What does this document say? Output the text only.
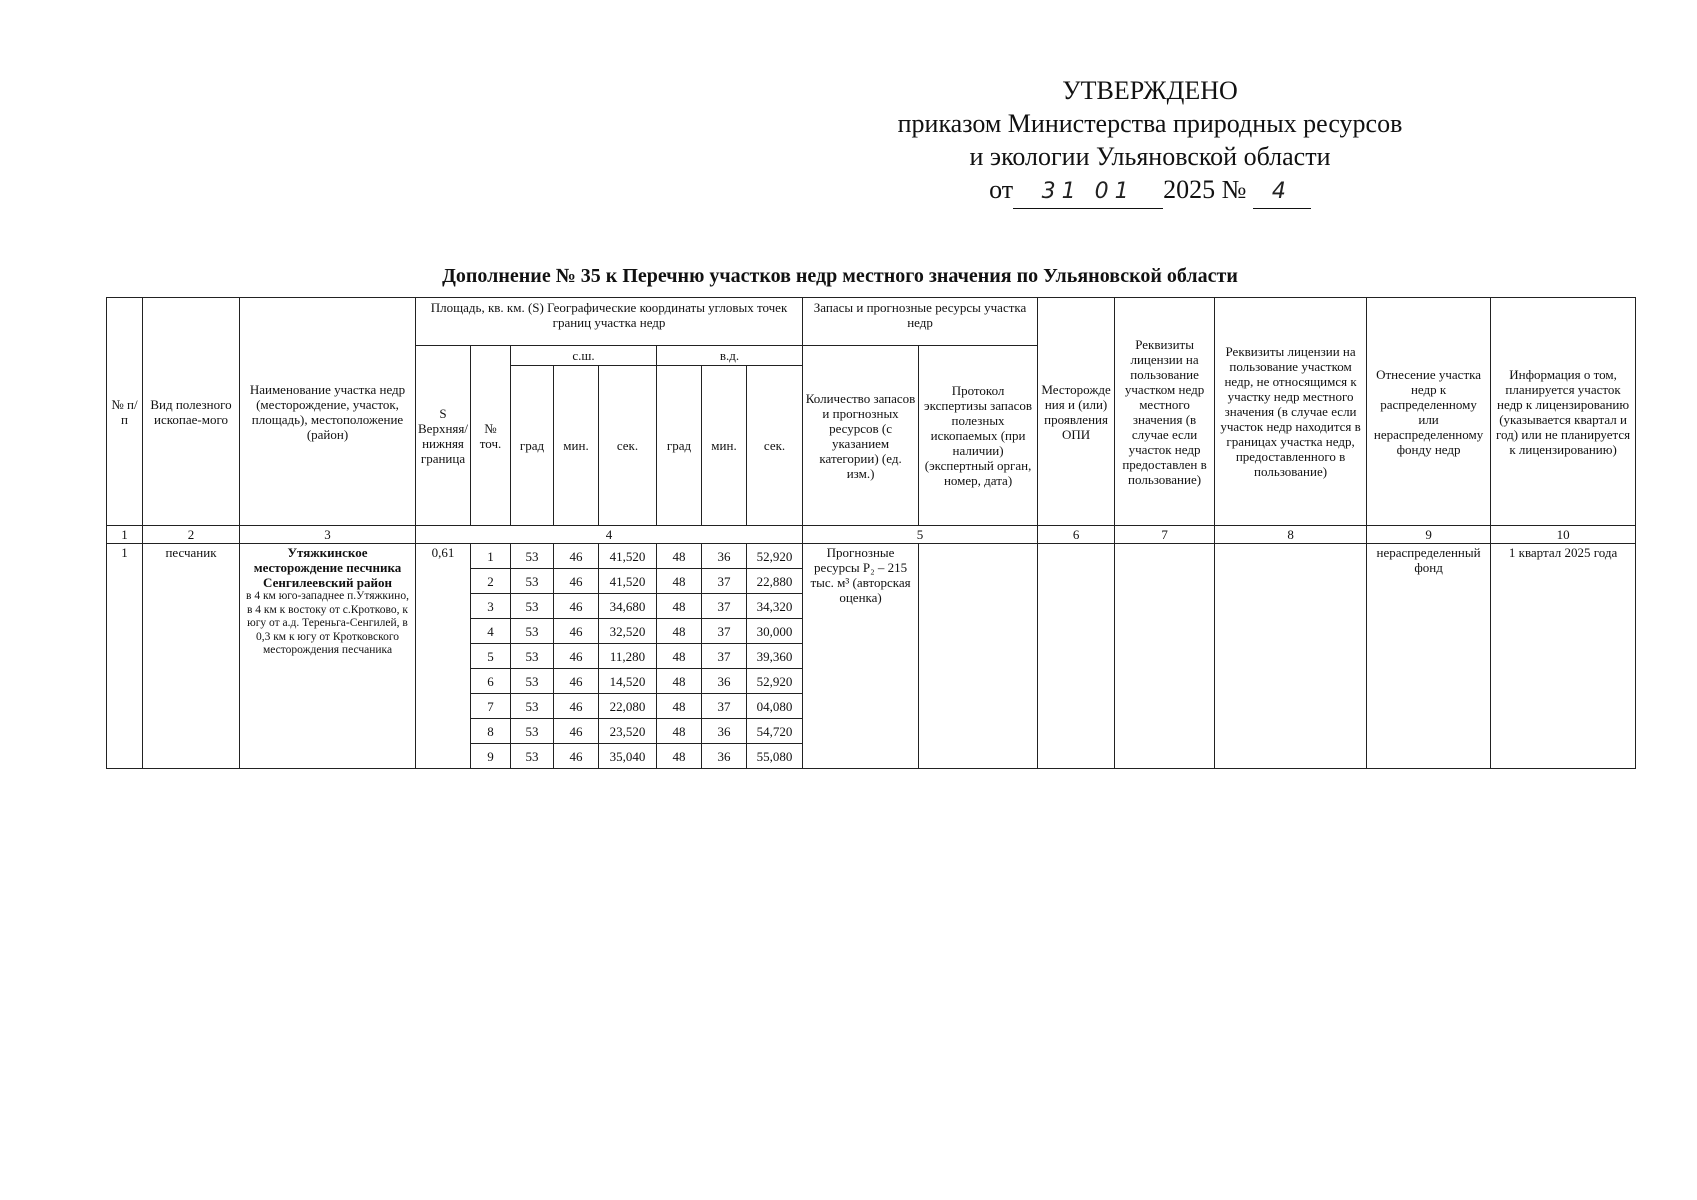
УТВЕРЖДЕНО
приказом Министерства природных ресурсов
и экологии Ульяновской области
от 31 01 2025 № 4
Дополнение № 35 к Перечню участков недр местного значения по Ульяновской области
№ п/п	Вид полезного ископае-мого	Наименование участка недр (месторождение, участок, площадь), местоположение (район)	Площадь, кв. км. (S) Географические координаты угловых точек границ участка недр								Запасы и прогнозные ресурсы участка недр		Месторождения и (или) проявления ОПИ	Реквизиты лицензии на пользование участком недр местного значения (в случае если участок недр предоставлен в пользование)	Реквизиты лицензии на пользование участком недр, не относящимся к участку недр местного значения (в случае если участок недр находится в границах участка недр, предоставленного в пользование)	Отнесение участка недр к распределенному или нераспределенному фонду недр	Информация о том, планируется участок недр к лицензированию (указывается квартал и год) или не планируется к лицензированию)
			S Верхняя/нижняя граница	№ точ.	с.ш.			в.д.			Количество запасов и прогнозных ресурсов (с указанием категории) (ед. изм.)	Протокол экспертизы запасов полезных ископаемых (при наличии) (экспертный орган, номер, дата)					
					град	мин.	сек.	град	мин.	сек.							

1	2	3	4								5		6	7	8	9	10
1	песчаник	Утяжкинское месторождение песчника
Сенгилеевский район
в 4 км юго-западнее п.Утяжкино, в 4 км к востоку от с.Кротково, к югу от а.д. Тереньга-Сенгилей, в 0,3 км к югу от Кротковского месторождения песчаника	0,61	1	53	46	41,520	48	36	52,920	Прогнозные ресурсы P₂ – 215 тыс. м³ (авторская оценка)					нераспределенный фонд	1 квартал 2025 года
				2	53	46	41,520	48	37	22,880							
				3	53	46	34,680	48	37	34,320							
				4	53	46	32,520	48	37	30,000							
				5	53	46	11,280	48	37	39,360							
				6	53	46	14,520	48	36	52,920							
				7	53	46	22,080	48	37	04,080							
				8	53	46	23,520	48	36	54,720							
				9	53	46	35,040	48	36	55,080							
